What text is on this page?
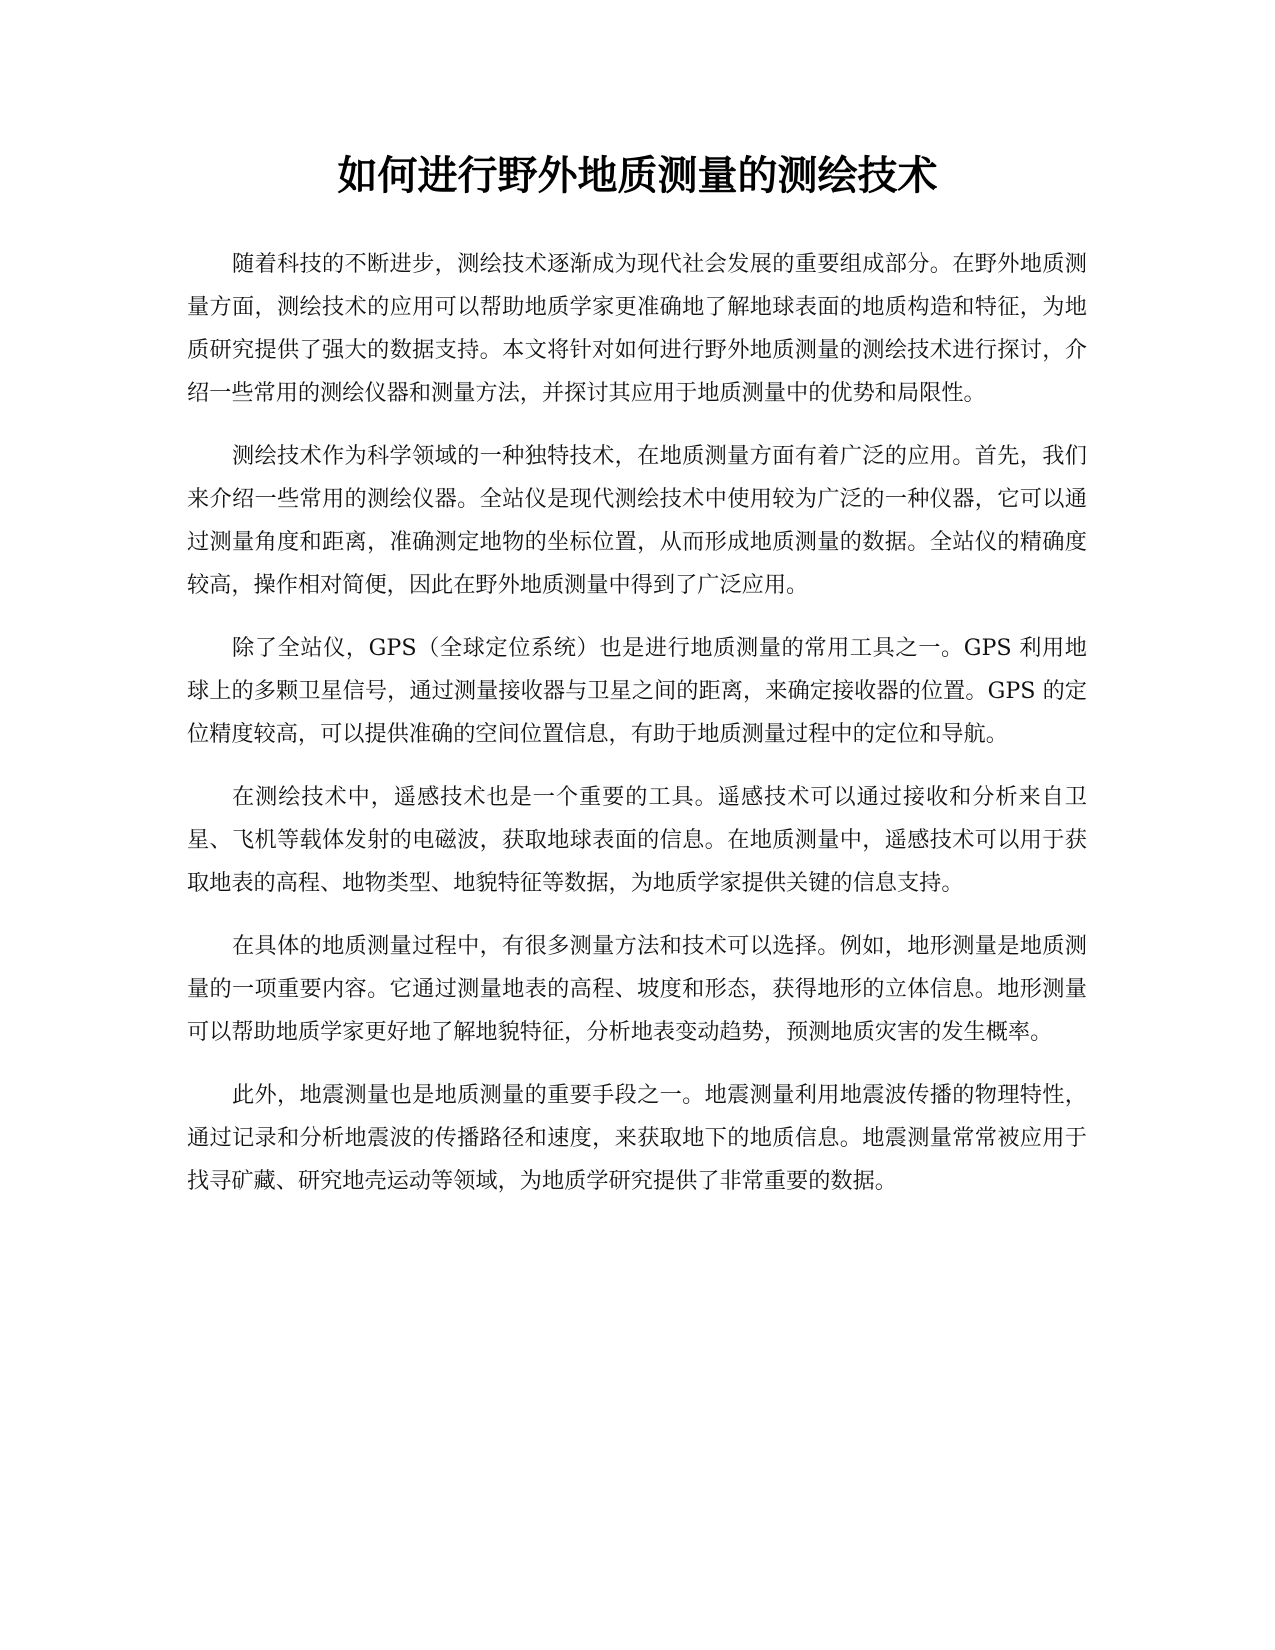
如何进行野外地质测量的测绘技术

随着科技的不断进步，测绘技术逐渐成为现代社会发展的重要组成部分。在野外地质测量方面，测绘技术的应用可以帮助地质学家更准确地了解地球表面的地质构造和特征，为地质研究提供了强大的数据支持。本文将针对如何进行野外地质测量的测绘技术进行探讨，介绍一些常用的测绘仪器和测量方法，并探讨其应用于地质测量中的优势和局限性。

测绘技术作为科学领域的一种独特技术，在地质测量方面有着广泛的应用。首先，我们来介绍一些常用的测绘仪器。全站仪是现代测绘技术中使用较为广泛的一种仪器，它可以通过测量角度和距离，准确测定地物的坐标位置，从而形成地质测量的数据。全站仪的精确度较高，操作相对简便，因此在野外地质测量中得到了广泛应用。

除了全站仪，GPS（全球定位系统）也是进行地质测量的常用工具之一。GPS 利用地球上的多颗卫星信号，通过测量接收器与卫星之间的距离，来确定接收器的位置。GPS 的定位精度较高，可以提供准确的空间位置信息，有助于地质测量过程中的定位和导航。

在测绘技术中，遥感技术也是一个重要的工具。遥感技术可以通过接收和分析来自卫星、飞机等载体发射的电磁波，获取地球表面的信息。在地质测量中，遥感技术可以用于获取地表的高程、地物类型、地貌特征等数据，为地质学家提供关键的信息支持。

在具体的地质测量过程中，有很多测量方法和技术可以选择。例如，地形测量是地质测量的一项重要内容。它通过测量地表的高程、坡度和形态，获得地形的立体信息。地形测量可以帮助地质学家更好地了解地貌特征，分析地表变动趋势，预测地质灾害的发生概率。

此外，地震测量也是地质测量的重要手段之一。地震测量利用地震波传播的物理特性，通过记录和分析地震波的传播路径和速度，来获取地下的地质信息。地震测量常常被应用于找寻矿藏、研究地壳运动等领域，为地质学研究提供了非常重要的数据。
